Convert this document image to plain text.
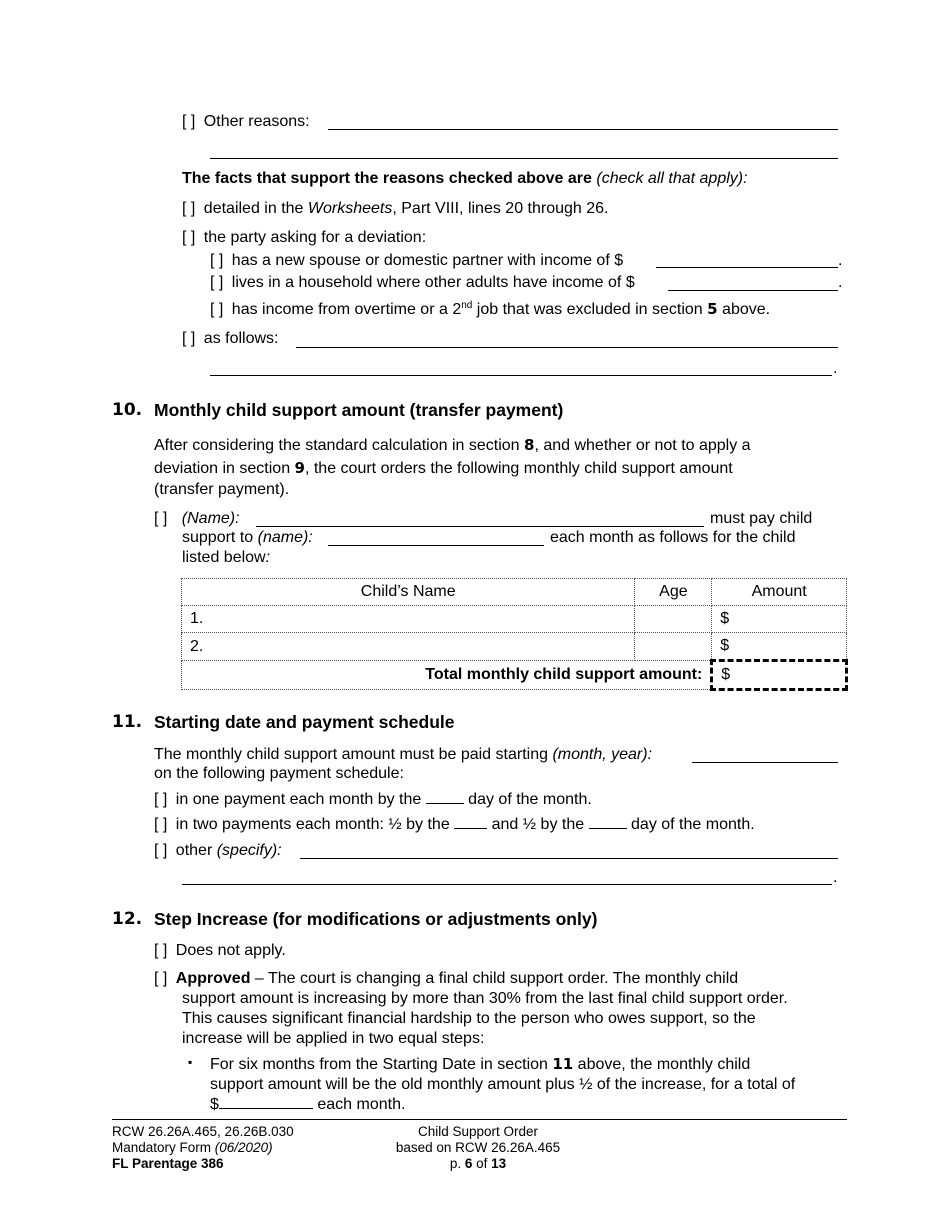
[ ] Other reasons:
The facts that support the reasons checked above are (check all that apply):
[ ] detailed in the Worksheets, Part VIII, lines 20 through 26.
[ ] the party asking for a deviation:
[ ] has a new spouse or domestic partner with income of $	.
[ ] lives in a household where other adults have income of $	.
[ ] has income from overtime or a 2nd job that was excluded in section 5 above.
[ ] as follows:
.
10. Monthly child support amount (transfer payment)
After considering the standard calculation in section 8, and whether or not to apply a
deviation in section 9, the court orders the following monthly child support amount
(transfer payment).
[ ] (Name):	must pay child
support to (name):	each month as follows for the child
listed below:
Child’s Name	Age	Amount
1.		$
2.		$
Total monthly child support amount:		$
11. Starting date and payment schedule
The monthly child support amount must be paid starting (month, year):
on the following payment schedule:
[ ] in one payment each month by the  day of the month.
[ ] in two payments each month: ½ by the  and ½ by the  day of the month.
[ ] other (specify):
.
12. Step Increase (for modifications or adjustments only)
[ ] Does not apply.
[ ] Approved – The court is changing a final child support order. The monthly child
support amount is increasing by more than 30% from the last final child support order.
This causes significant financial hardship to the person who owes support, so the
increase will be applied in two equal steps:
▪ For six months from the Starting Date in section 11 above, the monthly child
support amount will be the old monthly amount plus ½ of the increase, for a total of
$	each month.
RCW 26.26A.465, 26.26B.030
Mandatory Form (06/2020)
FL Parentage 386
Child Support Order
based on RCW 26.26A.465
p. 6 of 13
